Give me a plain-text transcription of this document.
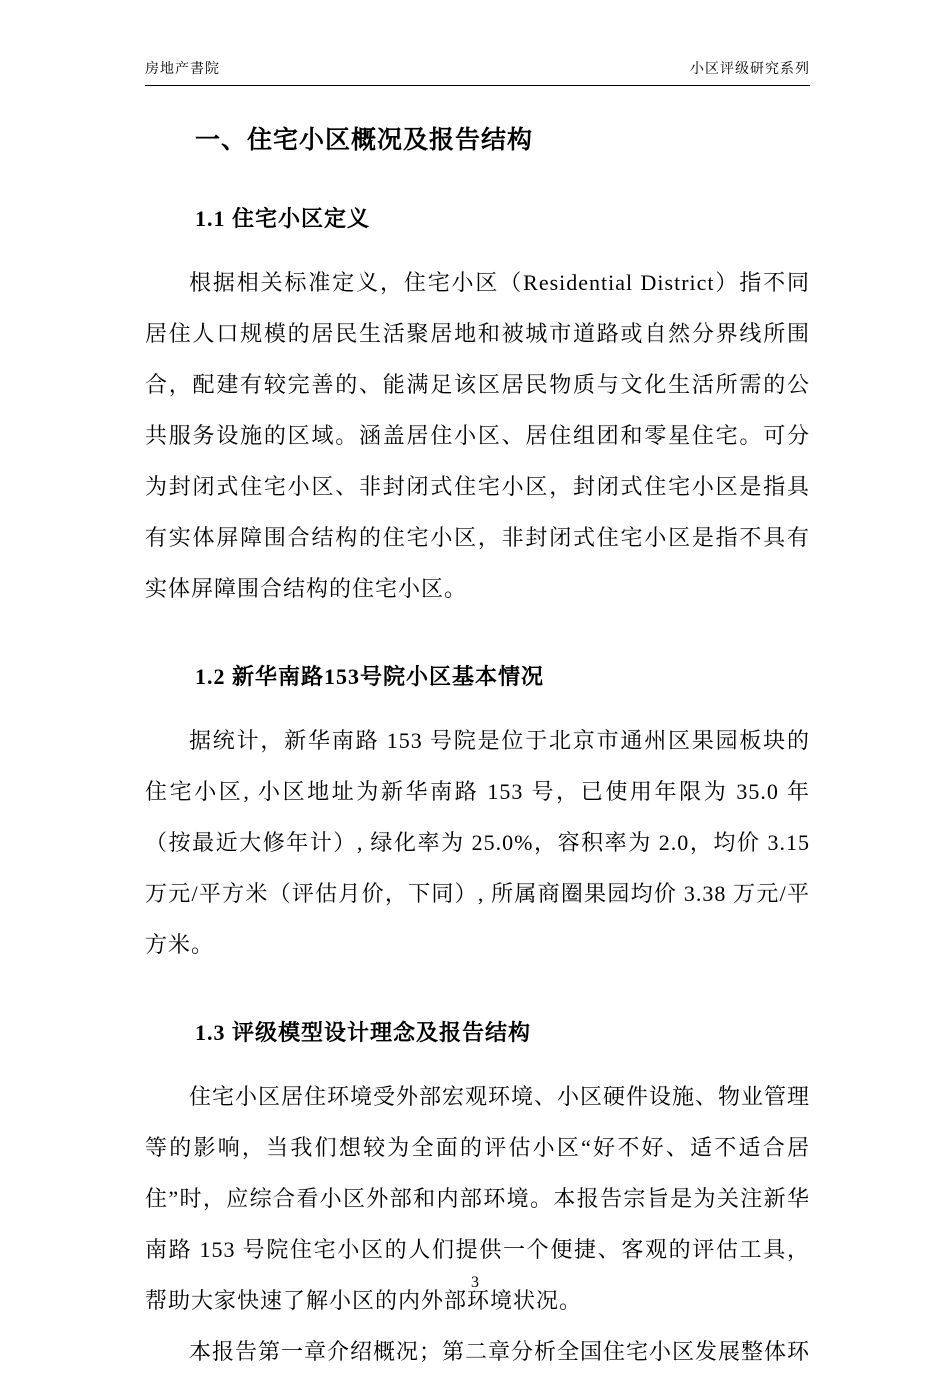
房地产書院	小区评级研究系列
一、住宅小区概况及报告结构
1.1 住宅小区定义

根据相关标准定义，住宅小区（Residential District）指不同居住人口规模的居民生活聚居地和被城市道路或自然分界线所围合，配建有较完善的、能满足该区居民物质与文化生活所需的公共服务设施的区域。涵盖居住小区、居住组团和零星住宅。可分为封闭式住宅小区、非封闭式住宅小区，封闭式住宅小区是指具有实体屏障围合结构的住宅小区，非封闭式住宅小区是指不具有实体屏障围合结构的住宅小区。

1.2 新华南路153号院小区基本情况

据统计，新华南路 153 号院是位于北京市通州区果园板块的住宅小区, 小区地址为新华南路 153 号，已使用年限为 35.0 年（按最近大修年计）, 绿化率为 25.0%，容积率为 2.0，均价 3.15 万元/平方米（评估月价，下同）, 所属商圈果园均价 3.38 万元/平方米。

1.3 评级模型设计理念及报告结构

住宅小区居住环境受外部宏观环境、小区硬件设施、物业管理等的影响，当我们想较为全面的评估小区“好不好、适不适合居住”时，应综合看小区外部和内部环境。本报告宗旨是为关注新华南路 153 号院住宅小区的人们提供一个便捷、客观的评估工具，帮助大家快速了解小区的内外部环境状况。

本报告第一章介绍概况；第二章分析全国住宅小区发展整体环

3
